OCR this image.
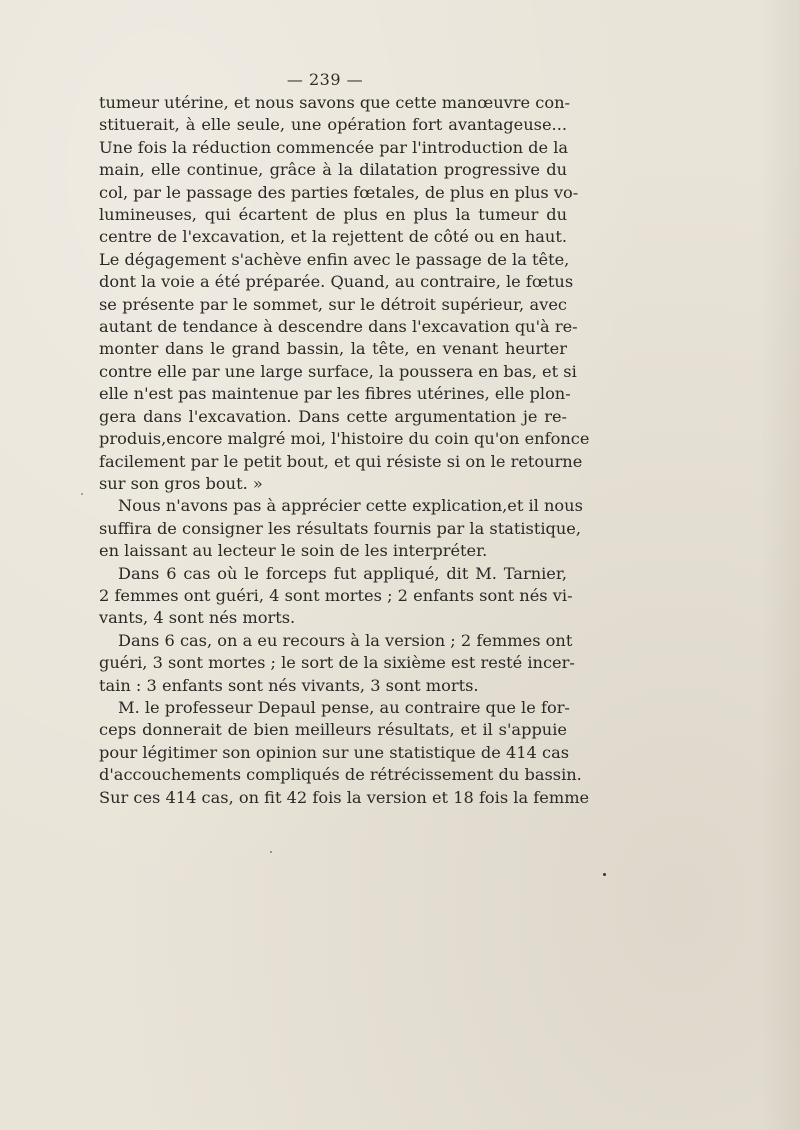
— 239 —
tumeur utérine, et nous savons que cette manœuvre con-
stituerait, à elle seule, une opération fort avantageuse...
Une fois la réduction commencée par l'introduction de la
main, elle continue, grâce à la dilatation progressive du
col, par le passage des parties fœtales, de plus en plus vo-
lumineuses, qui écartent de plus en plus la tumeur du
centre de l'excavation, et la rejettent de côté ou en haut.
Le dégagement s'achève enfin avec le passage de la tête,
dont la voie a été préparée. Quand, au contraire, le fœtus
se présente par le sommet, sur le détroit supérieur, avec
autant de tendance à descendre dans l'excavation qu'à re-
monter dans le grand bassin, la tête, en venant heurter
contre elle par une large surface, la poussera en bas, et si
elle n'est pas maintenue par les fibres utérines, elle plon-
gera dans l'excavation. Dans cette argumentation je re-
produis,encore malgré moi, l'histoire du coin qu'on enfonce
facilement par le petit bout, et qui résiste si on le retourne
sur son gros bout. »
Nous n'avons pas à apprécier cette explication,et il nous
suffira de consigner les résultats fournis par la statistique,
en laissant au lecteur le soin de les interpréter.
Dans 6 cas où le forceps fut appliqué, dit M. Tarnier,
2 femmes ont guéri, 4 sont mortes ; 2 enfants sont nés vi-
vants, 4 sont nés morts.
Dans 6 cas, on a eu recours à la version ; 2 femmes ont
guéri, 3 sont mortes ; le sort de la sixième est resté incer-
tain : 3 enfants sont nés vivants, 3 sont morts.
M. le professeur Depaul pense, au contraire que le for-
ceps donnerait de bien meilleurs résultats, et il s'appuie
pour légitimer son opinion sur une statistique de 414 cas
d'accouchements compliqués de rétrécissement du bassin.
Sur ces 414 cas, on fit 42 fois la version et 18 fois la femme
